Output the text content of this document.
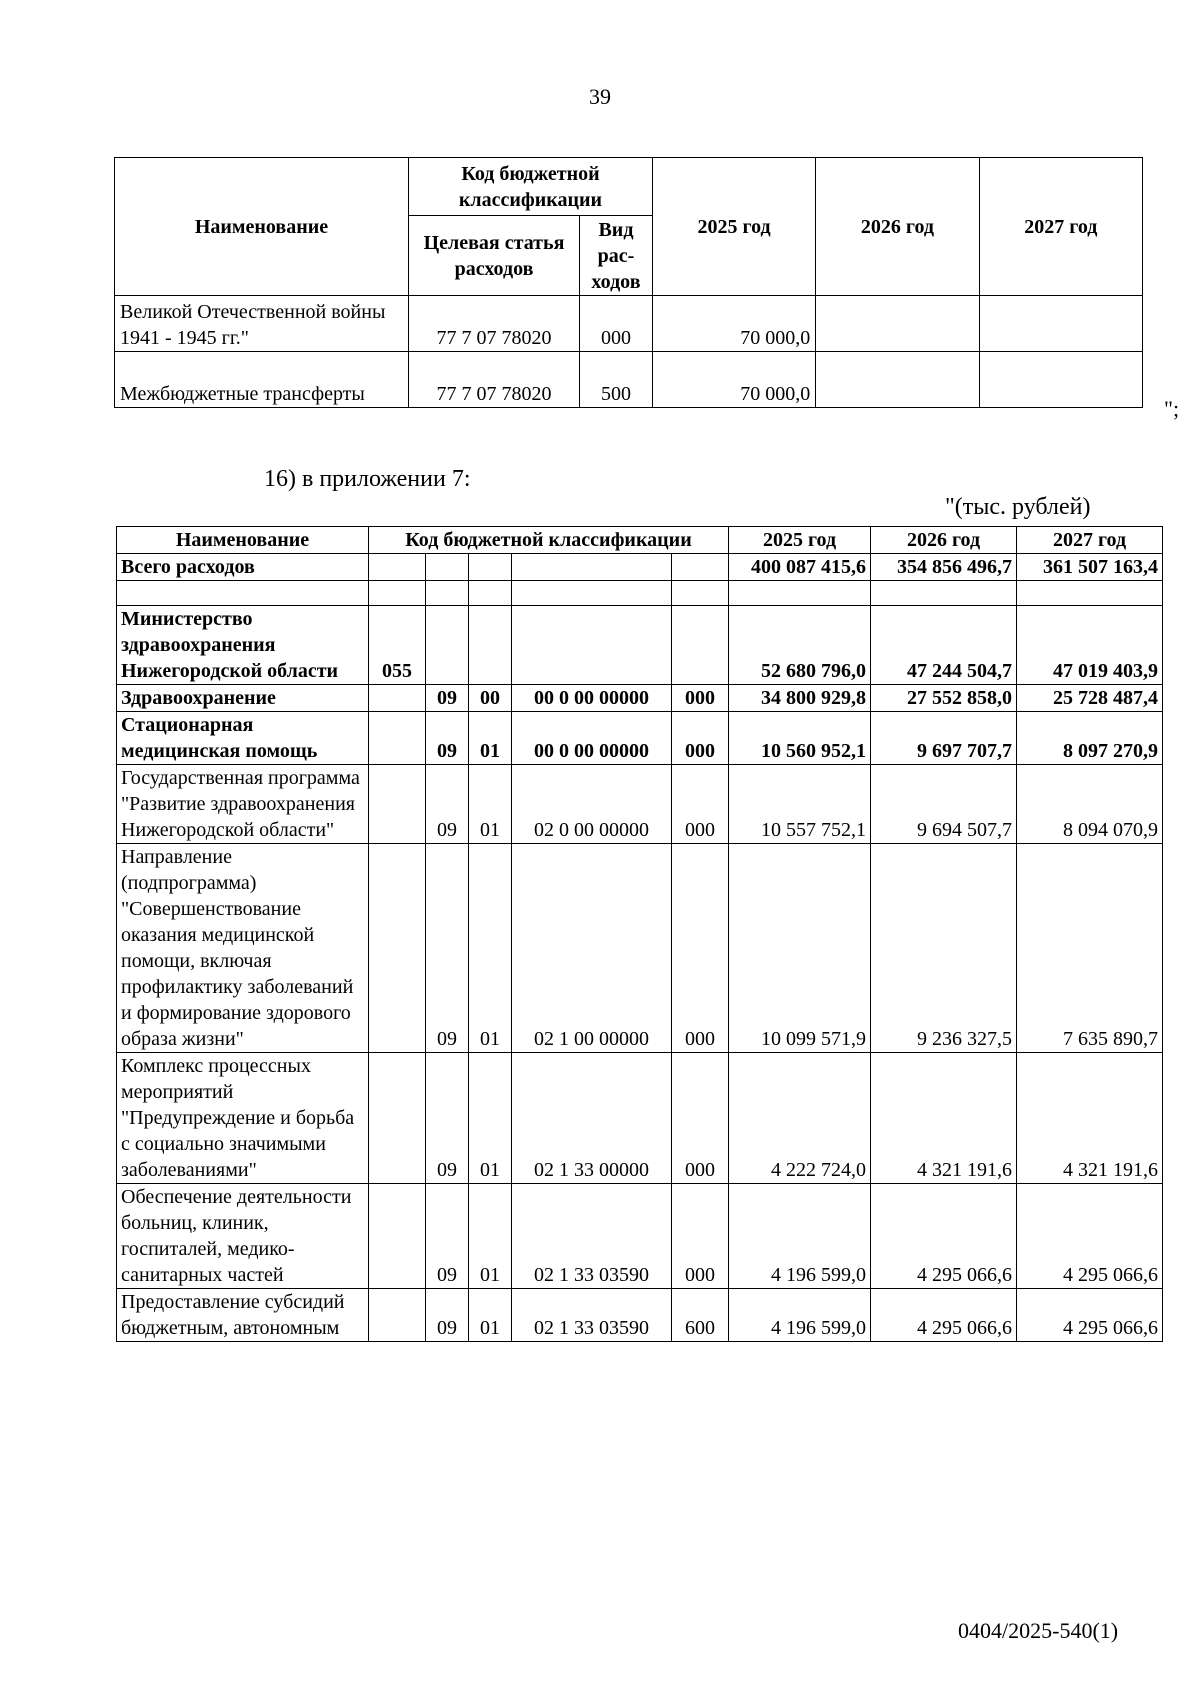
39
Наименование	Код бюджетной классификации		2025 год	2026 год	2027 год
	Целевая статья расходов	Вид рас-ходов			
Великой Отечественной войны 1941 - 1945 гг."	77 7 07 78020	000	70 000,0		
Межбюджетные трансферты	77 7 07 78020	500	70 000,0		
";
16) в приложении 7:
"(тыс. рублей)
Наименование	Код бюджетной классификации					2025 год	2026 год	2027 год
Всего расходов						400 087 415,6	354 856 496,7	361 507 163,4

Министерство здравоохранения Нижегородской области	055					52 680 796,0	47 244 504,7	47 019 403,9
Здравоохранение		09	00	00 0 00 00000	000	34 800 929,8	27 552 858,0	25 728 487,4
Стационарная медицинская помощь		09	01	00 0 00 00000	000	10 560 952,1	9 697 707,7	8 097 270,9
Государственная программа "Развитие здравоохранения Нижегородской области"		09	01	02 0 00 00000	000	10 557 752,1	9 694 507,7	8 094 070,9
Направление (подпрограмма) "Совершенствование оказания медицинской помощи, включая профилактику заболеваний и формирование здорового образа жизни"		09	01	02 1 00 00000	000	10 099 571,9	9 236 327,5	7 635 890,7
Комплекс процессных мероприятий "Предупреждение и борьба с социально значимыми заболеваниями"		09	01	02 1 33 00000	000	4 222 724,0	4 321 191,6	4 321 191,6
Обеспечение деятельности больниц, клиник, госпиталей, медико-санитарных частей		09	01	02 1 33 03590	000	4 196 599,0	4 295 066,6	4 295 066,6
Предоставление субсидий бюджетным, автономным		09	01	02 1 33 03590	600	4 196 599,0	4 295 066,6	4 295 066,6
0404/2025-540(1)
